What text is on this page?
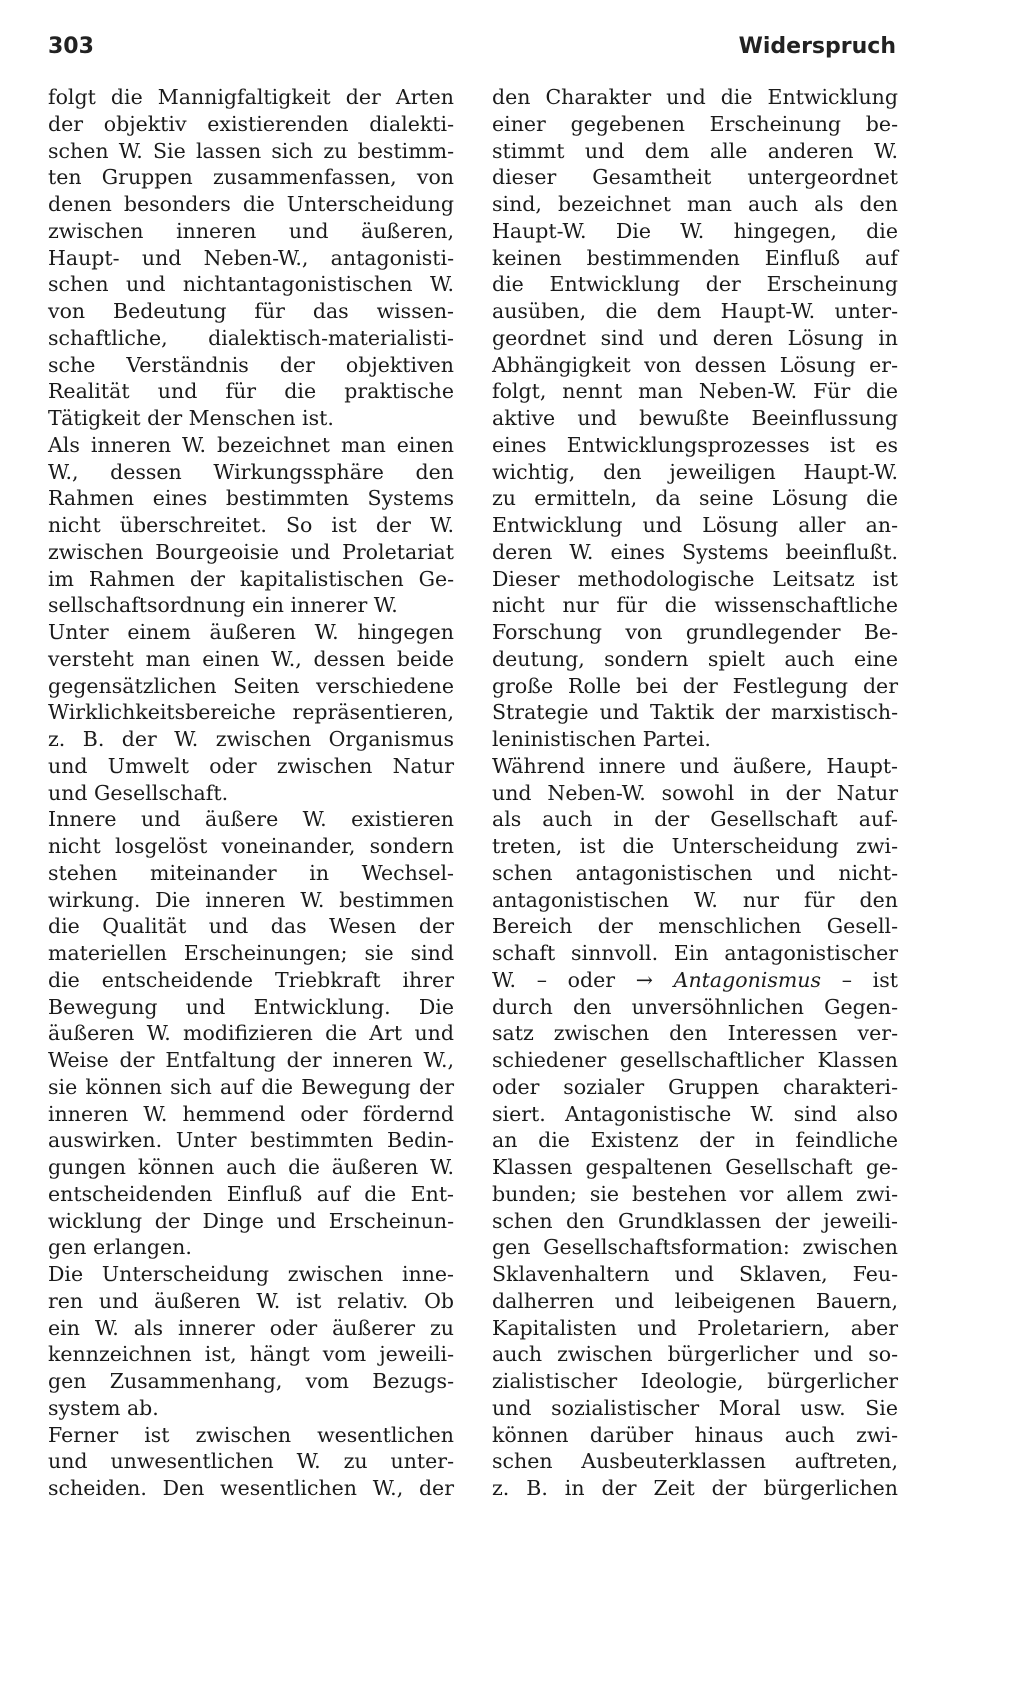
303	Widerspruch
folgt die Mannigfaltigkeit der Arten
der objektiv existierenden dialekti-
schen W. Sie lassen sich zu bestimm-
ten Gruppen zusammenfassen, von
denen besonders die Unterscheidung
zwischen inneren und äußeren,
Haupt- und Neben-W., antagonisti-
schen und nichtantagonistischen W.
von Bedeutung für das wissen-
schaftliche, dialektisch-materialisti-
sche Verständnis der objektiven
Realität und für die praktische
Tätigkeit der Menschen ist.
Als inneren W. bezeichnet man einen
W., dessen Wirkungssphäre den
Rahmen eines bestimmten Systems
nicht überschreitet. So ist der W.
zwischen Bourgeoisie und Proletariat
im Rahmen der kapitalistischen Ge-
sellschaftsordnung ein innerer W.
Unter einem äußeren W. hingegen
versteht man einen W., dessen beide
gegensätzlichen Seiten verschiedene
Wirklichkeitsbereiche repräsentieren,
z. B. der W. zwischen Organismus
und Umwelt oder zwischen Natur
und Gesellschaft.
Innere und äußere W. existieren
nicht losgelöst voneinander, sondern
stehen miteinander in Wechsel-
wirkung. Die inneren W. bestimmen
die Qualität und das Wesen der
materiellen Erscheinungen; sie sind
die entscheidende Triebkraft ihrer
Bewegung und Entwicklung. Die
äußeren W. modifizieren die Art und
Weise der Entfaltung der inneren W.,
sie können sich auf die Bewegung der
inneren W. hemmend oder fördernd
auswirken. Unter bestimmten Bedin-
gungen können auch die äußeren W.
entscheidenden Einfluß auf die Ent-
wicklung der Dinge und Erscheinun-
gen erlangen.
Die Unterscheidung zwischen inne-
ren und äußeren W. ist relativ. Ob
ein W. als innerer oder äußerer zu
kennzeichnen ist, hängt vom jeweili-
gen Zusammenhang, vom Bezugs-
system ab.
Ferner ist zwischen wesentlichen
und unwesentlichen W. zu unter-
scheiden. Den wesentlichen W., der
den Charakter und die Entwicklung
einer gegebenen Erscheinung be-
stimmt und dem alle anderen W.
dieser Gesamtheit untergeordnet
sind, bezeichnet man auch als den
Haupt-W. Die W. hingegen, die
keinen bestimmenden Einfluß auf
die Entwicklung der Erscheinung
ausüben, die dem Haupt-W. unter-
geordnet sind und deren Lösung in
Abhängigkeit von dessen Lösung er-
folgt, nennt man Neben-W. Für die
aktive und bewußte Beeinflussung
eines Entwicklungsprozesses ist es
wichtig, den jeweiligen Haupt-W.
zu ermitteln, da seine Lösung die
Entwicklung und Lösung aller an-
deren W. eines Systems beeinflußt.
Dieser methodologische Leitsatz ist
nicht nur für die wissenschaftliche
Forschung von grundlegender Be-
deutung, sondern spielt auch eine
große Rolle bei der Festlegung der
Strategie und Taktik der marxistisch-
leninistischen Partei.
Während innere und äußere, Haupt-
und Neben-W. sowohl in der Natur
als auch in der Gesellschaft auf-
treten, ist die Unterscheidung zwi-
schen antagonistischen und nicht-
antagonistischen W. nur für den
Bereich der menschlichen Gesell-
schaft sinnvoll. Ein antagonistischer
W. – oder → Antagonismus – ist
durch den unversöhnlichen Gegen-
satz zwischen den Interessen ver-
schiedener gesellschaftlicher Klassen
oder sozialer Gruppen charakteri-
siert. Antagonistische W. sind also
an die Existenz der in feindliche
Klassen gespaltenen Gesellschaft ge-
bunden; sie bestehen vor allem zwi-
schen den Grundklassen der jeweili-
gen Gesellschaftsformation: zwischen
Sklavenhaltern und Sklaven, Feu-
dalherren und leibeigenen Bauern,
Kapitalisten und Proletariern, aber
auch zwischen bürgerlicher und so-
zialistischer Ideologie, bürgerlicher
und sozialistischer Moral usw. Sie
können darüber hinaus auch zwi-
schen Ausbeuterklassen auftreten,
z. B. in der Zeit der bürgerlichen
